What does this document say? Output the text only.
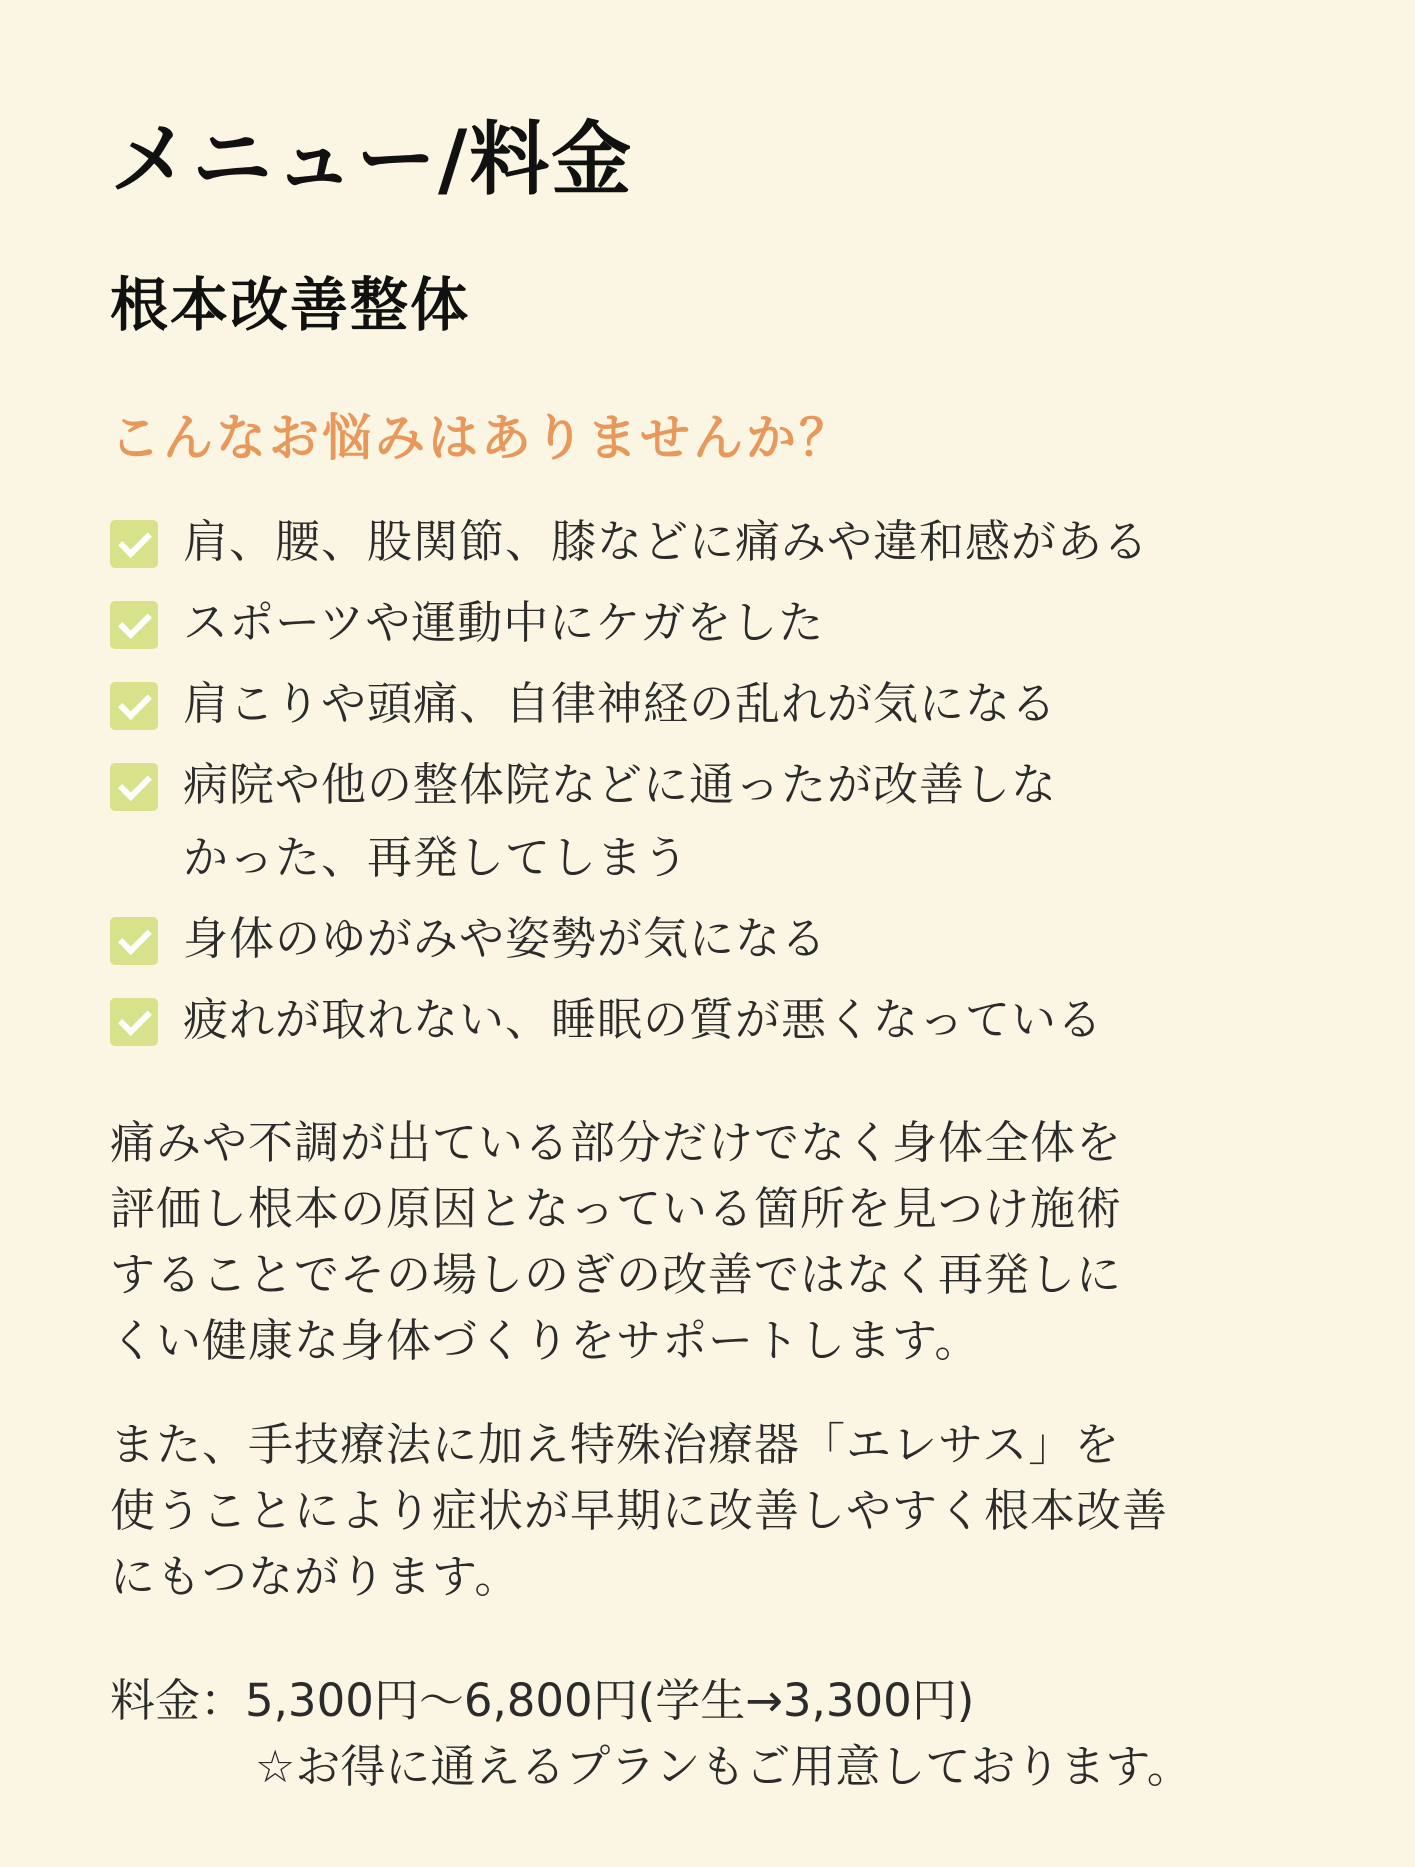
メニュー/料金
根本改善整体

こんなお悩みはありませんか？

肩、腰、股関節、膝などに痛みや違和感がある
スポーツや運動中にケガをした
肩こりや頭痛、自律神経の乱れが気になる
病院や他の整体院などに通ったが改善しな
かった、再発してしまう
身体のゆがみや姿勢が気になる
疲れが取れない、睡眠の質が悪くなっている

痛みや不調が出ている部分だけでなく身体全体を
評価し根本の原因となっている箇所を見つけ施術
することでその場しのぎの改善ではなく再発しに
くい健康な身体づくりをサポートします。

また、手技療法に加え特殊治療器「エレサス」を
使うことにより症状が早期に改善しやすく根本改善
にもつながります。

料金：5,300円〜6,800円(学生→3,300円)
☆お得に通えるプランもご用意しております。
